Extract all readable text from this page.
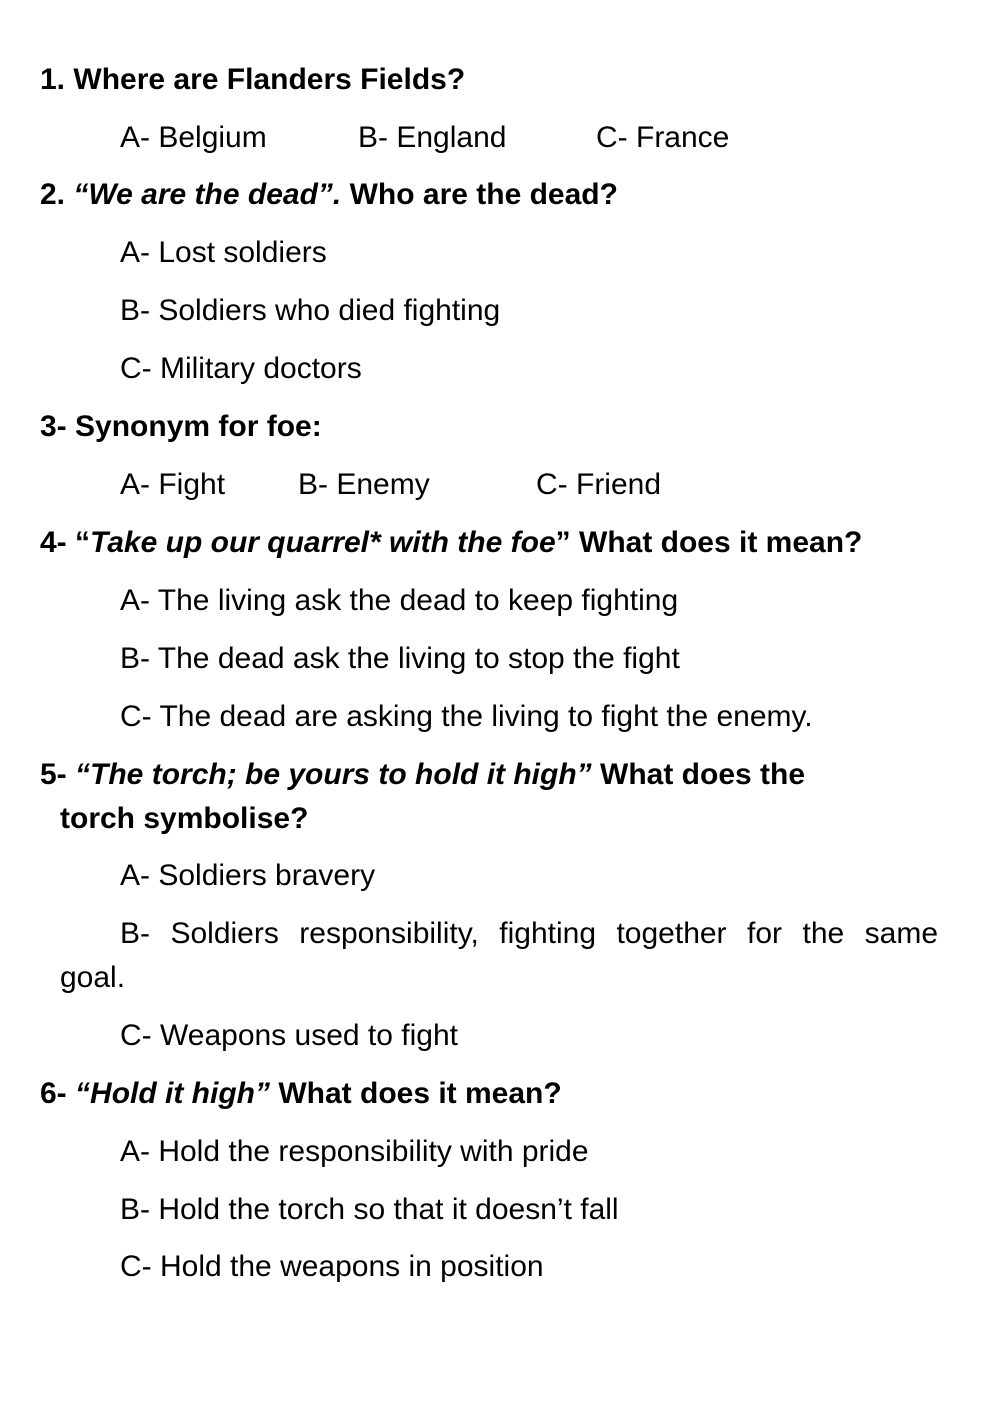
1. Where are Flanders Fields?
A- Belgium	B- England	C- France
2. “We are the dead”. Who are the dead?
A- Lost soldiers
B- Soldiers who died fighting
C- Military doctors
3- Synonym for foe:
A- Fight B- Enemy	C- Friend
4- “Take up our quarrel* with the foe” What does it mean?
A- The living ask the dead to keep fighting
B- The dead ask the living to stop the fight
C- The dead are asking the living to fight the enemy.
5- “The torch; be yours to hold it high” What does the
torch symbolise?
A- Soldiers bravery
B- Soldiers responsibility, fighting together for the same
goal.
C- Weapons used to fight
6- “Hold it high” What does it mean?
A- Hold the responsibility with pride
B- Hold the torch so that it doesn’t fall
C- Hold the weapons in position
